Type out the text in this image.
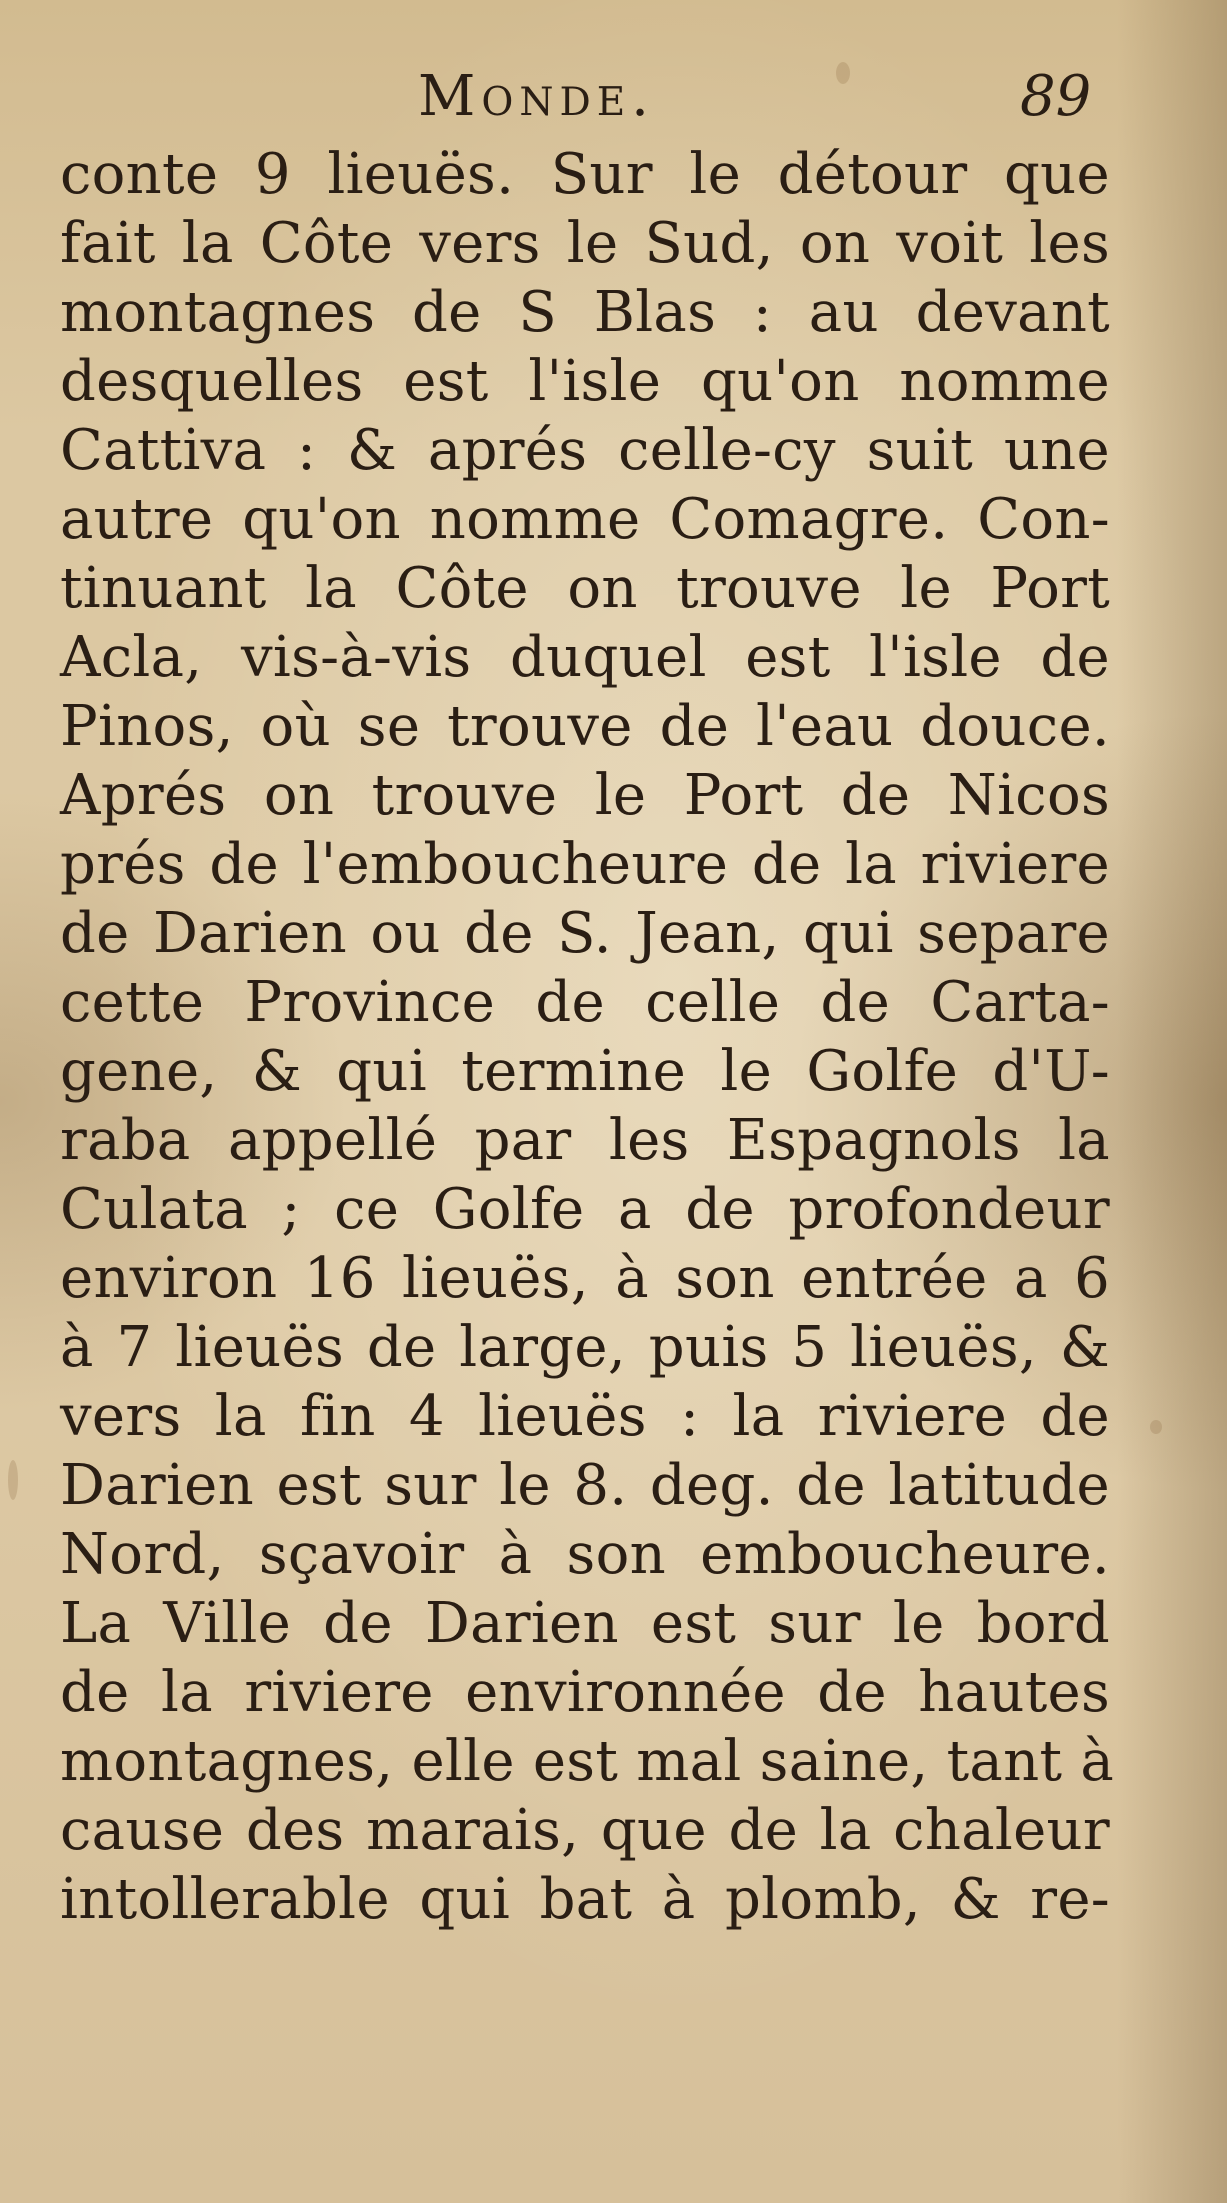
Monde.	89
conte 9 lieuës. Sur le détour que
fait la Côte vers le Sud, on voit les
montagnes de S Blas : au devant
desquelles est l'isle qu'on nomme
Cattiva : & aprés celle-cy suit une
autre qu'on nomme Comagre. Con-
tinuant la Côte on trouve le Port
Acla, vis-à-vis duquel est l'isle de
Pinos, où se trouve de l'eau douce.
Aprés on trouve le Port de Nicos
prés de l'emboucheure de la riviere
de Darien ou de S. Jean, qui separe
cette Province de celle de Carta-
gene, & qui termine le Golfe d'U-
raba appellé par les Espagnols la
Culata ; ce Golfe a de profondeur
environ 16 lieuës, à son entrée a 6
à 7 lieuës de large, puis 5 lieuës, &
vers la fin 4 lieuës : la riviere de
Darien est sur le 8. deg. de latitude
Nord, sçavoir à son emboucheure.
La Ville de Darien est sur le bord
de la riviere environnée de hautes
montagnes, elle est mal saine, tant à
cause des marais, que de la chaleur
intollerable qui bat à plomb, & re-
